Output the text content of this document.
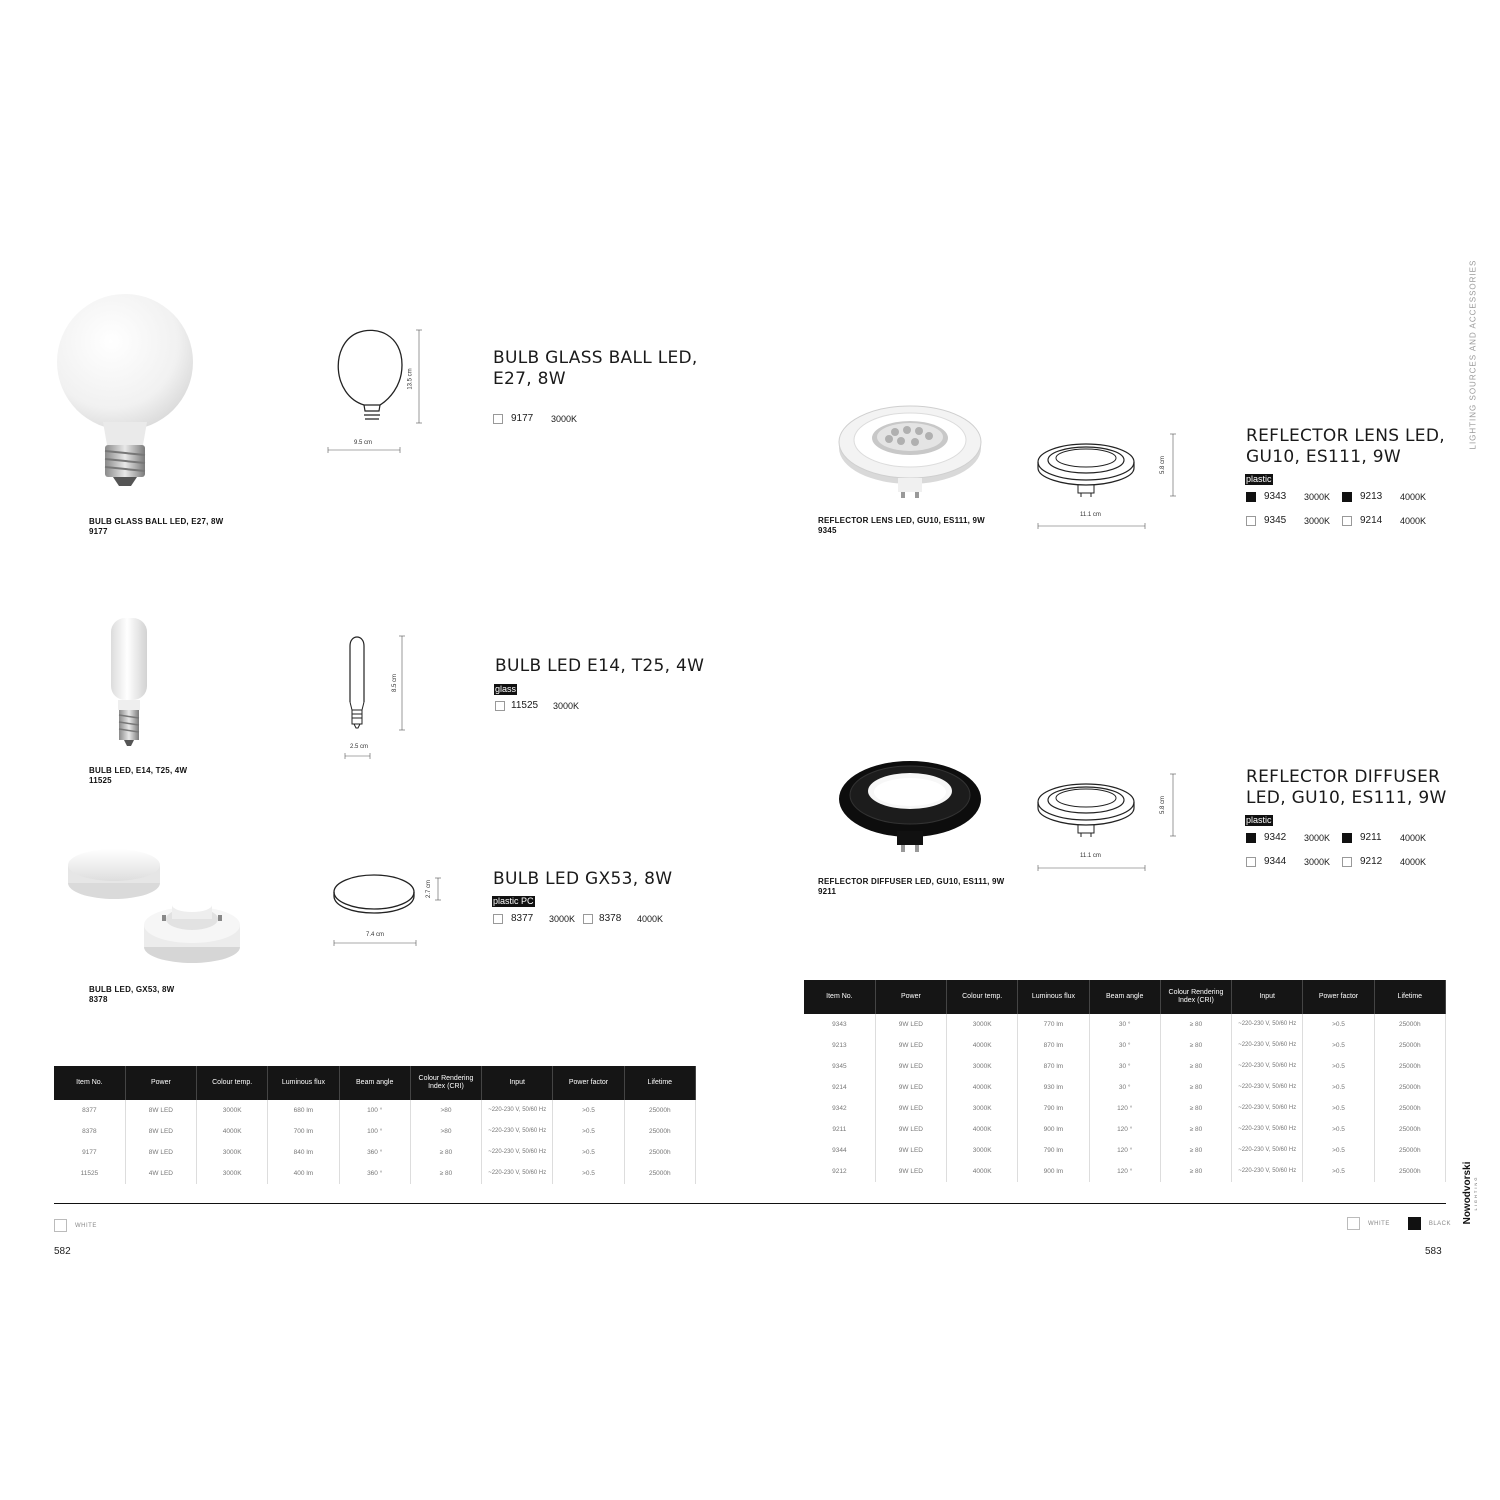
LIGHTING SOURCES AND ACCESSORIES
Nowodvorski LIGHTING
BULB GLASS BALL LED, E27, 8W
9177
13.5 cm
9.5 cm
BULB GLASS BALL LED,
E27, 8W
9177	3000K
BULB LED, E14, T25, 4W
11525
8.5 cm
2.5 cm
BULB LED E14, T25, 4W
glass
11525	3000K
BULB LED, GX53, 8W
8378
2.7 cm
7.4 cm
BULB LED GX53, 8W
plastic PC
8377	3000K 8378	4000K
REFLECTOR LENS LED, GU10, ES111, 9W
9345
5.8 cm
11.1 cm
REFLECTOR LENS LED,
GU10, ES111, 9W
plastic
9343	3000K	9213	4000K
9345	3000K	9214	4000K
REFLECTOR DIFFUSER LED, GU10, ES111, 9W
9211
5.8 cm
11.1 cm
REFLECTOR DIFFUSER
LED, GU10, ES111, 9W
plastic
9342	3000K	9211	4000K
9344	3000K	9212	4000K
Item No.	Power	Colour temp.	Luminous flux	Beam angle	Colour Rendering Index (CRI)	Input	Power factor	Lifetime
8377	8W LED	3000K	680 lm	100 °	>80	~220-230 V, 50/60 Hz	>0.5	25000h
8378	8W LED	4000K	700 lm	100 °	>80	~220-230 V, 50/60 Hz	>0.5	25000h
9177	8W LED	3000K	840 lm	360 °	≥ 80	~220-230 V, 50/60 Hz	>0.5	25000h
11525	4W LED	3000K	400 lm	360 °	≥ 80	~220-230 V, 50/60 Hz	>0.5	25000h
Item No.	Power	Colour temp.	Luminous flux	Beam angle	Colour Rendering Index (CRI)	Input	Power factor	Lifetime
9343	9W LED	3000K	770 lm	30 °	≥ 80	~220-230 V, 50/60 Hz	>0.5	25000h
9213	9W LED	4000K	870 lm	30 °	≥ 80	~220-230 V, 50/60 Hz	>0.5	25000h
9345	9W LED	3000K	870 lm	30 °	≥ 80	~220-230 V, 50/60 Hz	>0.5	25000h
9214	9W LED	4000K	930 lm	30 °	≥ 80	~220-230 V, 50/60 Hz	>0.5	25000h
9342	9W LED	3000K	790 lm	120 °	≥ 80	~220-230 V, 50/60 Hz	>0.5	25000h
9211	9W LED	4000K	900 lm	120 °	≥ 80	~220-230 V, 50/60 Hz	>0.5	25000h
9344	9W LED	3000K	790 lm	120 °	≥ 80	~220-230 V, 50/60 Hz	>0.5	25000h
9212	9W LED	4000K	900 lm	120 °	≥ 80	~220-230 V, 50/60 Hz	>0.5	25000h
WHITE	WHITE	BLACK
582	583
